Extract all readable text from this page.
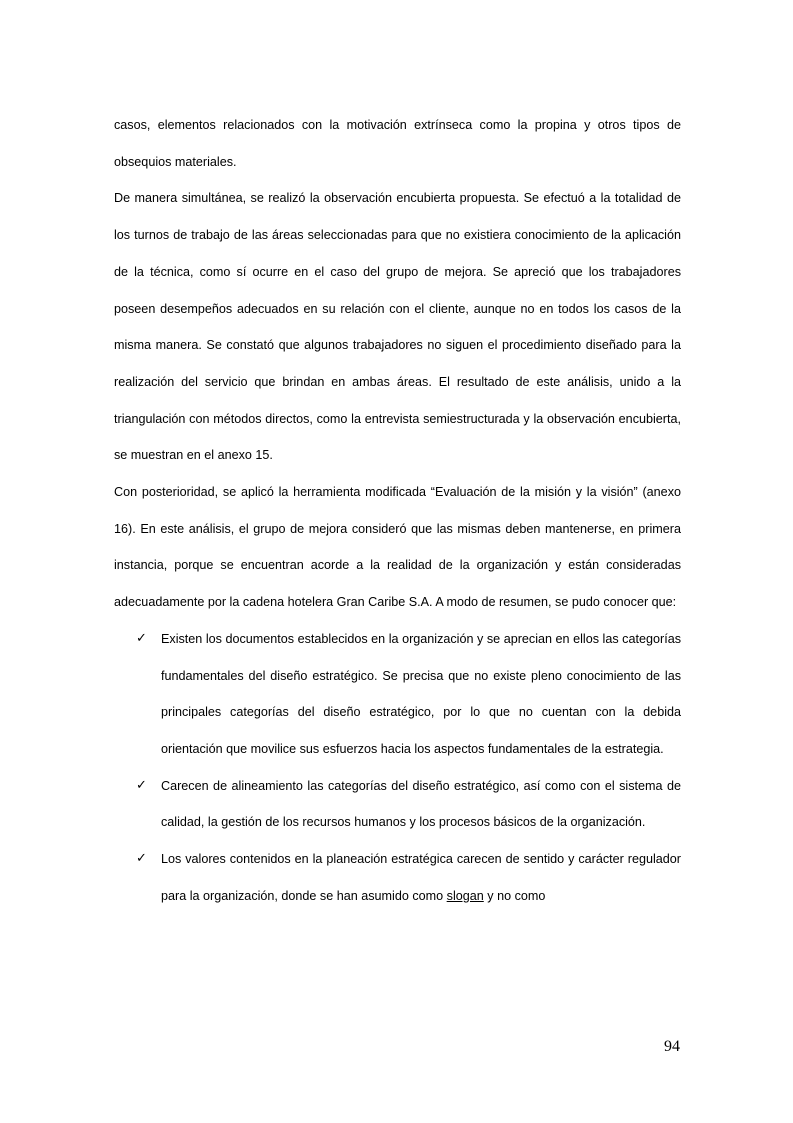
casos, elementos relacionados con la motivación extrínseca como la propina y otros tipos de obsequios materiales.

De manera simultánea, se realizó la observación encubierta propuesta. Se efectuó a la totalidad de los turnos de trabajo de las áreas seleccionadas para que no existiera conocimiento de la aplicación de la técnica, como sí ocurre en el caso del grupo de mejora. Se apreció que los trabajadores poseen desempeños adecuados en su relación con el cliente, aunque no en todos los casos de la misma manera. Se constató que algunos trabajadores no siguen el procedimiento diseñado para la realización del servicio que brindan en ambas áreas. El resultado de este análisis, unido a la triangulación con métodos directos, como la entrevista semiestructurada y la observación encubierta, se muestran en el anexo 15.

Con posterioridad, se aplicó la herramienta modificada “Evaluación de la misión y la visión” (anexo 16). En este análisis, el grupo de mejora consideró que las mismas deben mantenerse, en primera instancia, porque se encuentran acorde a la realidad de la organización y están consideradas adecuadamente por la cadena hotelera Gran Caribe S.A. A modo de resumen, se pudo conocer que:

✓ Existen los documentos establecidos en la organización y se aprecian en ellos las categorías fundamentales del diseño estratégico. Se precisa que no existe pleno conocimiento de las principales categorías del diseño estratégico, por lo que no cuentan con la debida orientación que movilice sus esfuerzos hacia los aspectos fundamentales de la estrategia.
✓ Carecen de alineamiento las categorías del diseño estratégico, así como con el sistema de calidad, la gestión de los recursos humanos y los procesos básicos de la organización.
✓ Los valores contenidos en la planeación estratégica carecen de sentido y carácter regulador para la organización, donde se han asumido como slogan y no como
94
